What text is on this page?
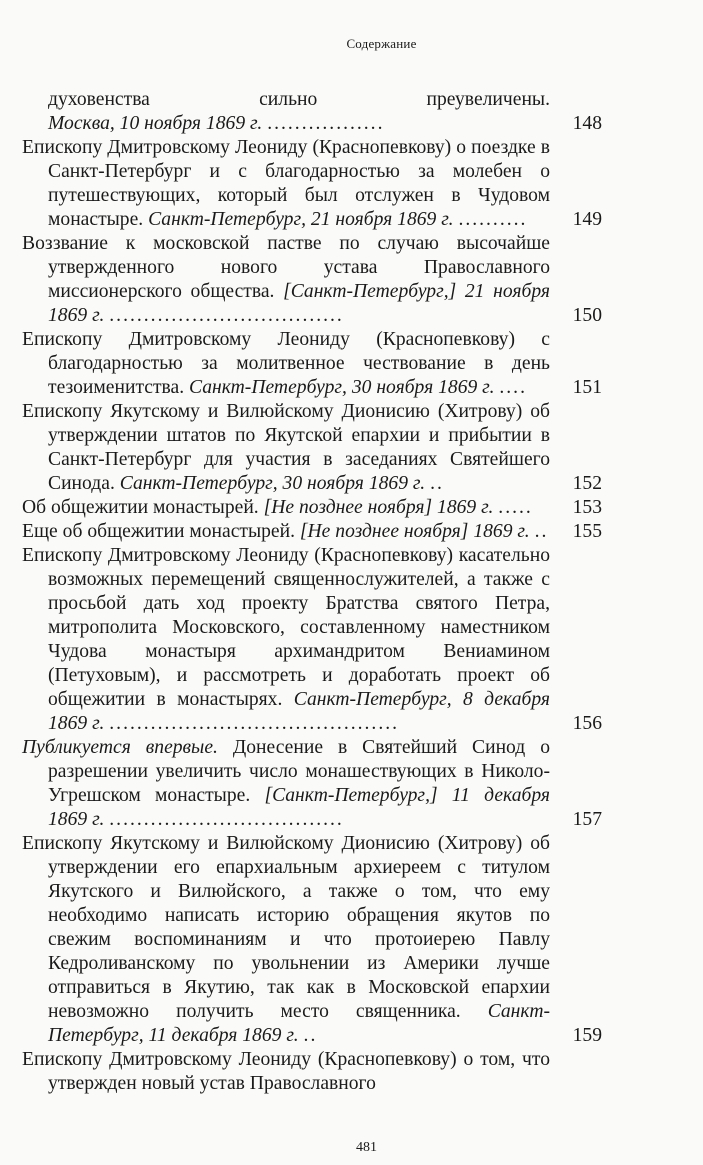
Содержание
духовенства сильно преувеличены. Москва, 10 ноября 1869 г. .................	148
Епископу Дмитровскому Леониду (Краснопевкову) о поездке в Санкт-Петербург и с благодарностью за молебен о путешествующих, который был отслужен в Чудовом монастыре. Санкт-Петербург, 21 ноября 1869 г. ..........	149
Воззвание к московской пастве по случаю высочайше утвержденного нового устава Православного миссионерского общества. [Санкт-Петербург,] 21 ноября 1869 г. ..................................	150
Епископу Дмитровскому Леониду (Краснопевкову) с благодарностью за молитвенное чествование в день тезоименитства. Санкт-Петербург, 30 ноября 1869 г. ....	151
Епископу Якутскому и Вилюйскому Дионисию (Хитрову) об утверждении штатов по Якутской епархии и прибытии в Санкт-Петербург для участия в заседаниях Святейшего Синода. Санкт-Петербург, 30 ноября 1869 г. ..	152
Об общежитии монастырей. [Не позднее ноября] 1869 г. .....	153
Еще об общежитии монастырей. [Не позднее ноября] 1869 г. ..	155
Епископу Дмитровскому Леониду (Краснопевкову) касательно возможных перемещений священнослужителей, а также с просьбой дать ход проекту Братства святого Петра, митрополита Московского, составленному наместником Чудова монастыря архимандритом Вениамином (Петуховым), и рассмотреть и доработать проект об общежитии в монастырях. Санкт-Петербург, 8 декабря 1869 г. ..........................................	156
Публикуется впервые. Донесение в Святейший Синод о разрешении увеличить число монашествующих в Николо-Угрешском монастыре. [Санкт-Петербург,] 11 декабря 1869 г. ..................................	157
Епископу Якутскому и Вилюйскому Дионисию (Хитрову) об утверждении его епархиальным архиереем с титулом Якутского и Вилюйского, а также о том, что ему необходимо написать историю обращения якутов по свежим воспоминаниям и что протоиерею Павлу Кедроливанскому по увольнении из Америки лучше отправиться в Якутию, так как в Московской епархии невозможно получить место священника. Санкт-Петербург, 11 декабря 1869 г. ..	159
Епископу Дмитровскому Леониду (Краснопевкову) о том, что утвержден новый устав Православного
481
